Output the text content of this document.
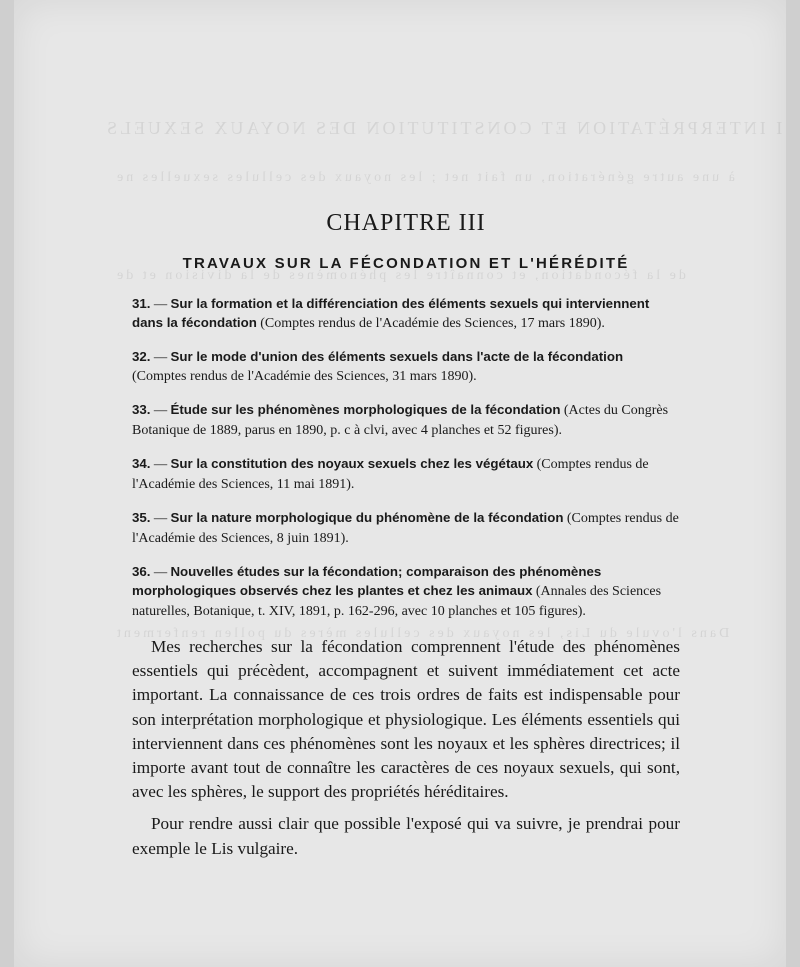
I INTERPRÉTATION ET CONSTITUTION DES NOYAUX SEXUELS
à une autre génération, un fait net ; les noyaux des cellules sexuelles ne
de la fécondation, et connaître les phénomènes de la division et de
Dans l'ovule du Lis, les noyaux des cellules mères du pollen renferment
CHAPITRE III
TRAVAUX SUR LA FÉCONDATION ET L'HÉRÉDITÉ

31. — Sur la formation et la différenciation des éléments sexuels qui interviennent dans la fécondation (Comptes rendus de l'Académie des Sciences, 17 mars 1890).

32. — Sur le mode d'union des éléments sexuels dans l'acte de la fécondation (Comptes rendus de l'Académie des Sciences, 31 mars 1890).

33. — Étude sur les phénomènes morphologiques de la fécondation (Actes du Congrès Botanique de 1889, parus en 1890, p. c à clvi, avec 4 planches et 52 figures).

34. — Sur la constitution des noyaux sexuels chez les végétaux (Comptes rendus de l'Académie des Sciences, 11 mai 1891).

35. — Sur la nature morphologique du phénomène de la fécondation (Comptes rendus de l'Académie des Sciences, 8 juin 1891).

36. — Nouvelles études sur la fécondation; comparaison des phénomènes morphologiques observés chez les plantes et chez les animaux (Annales des Sciences naturelles, Botanique, t. XIV, 1891, p. 162-296, avec 10 planches et 105 figures).

Mes recherches sur la fécondation comprennent l'étude des phénomènes essentiels qui précèdent, accompagnent et suivent immédiatement cet acte important. La connaissance de ces trois ordres de faits est indispensable pour son interprétation morphologique et physiologique. Les éléments essentiels qui interviennent dans ces phénomènes sont les noyaux et les sphères directrices; il importe avant tout de connaître les caractères de ces noyaux sexuels, qui sont, avec les sphères, le support des propriétés héréditaires.

Pour rendre aussi clair que possible l'exposé qui va suivre, je prendrai pour exemple le Lis vulgaire.
